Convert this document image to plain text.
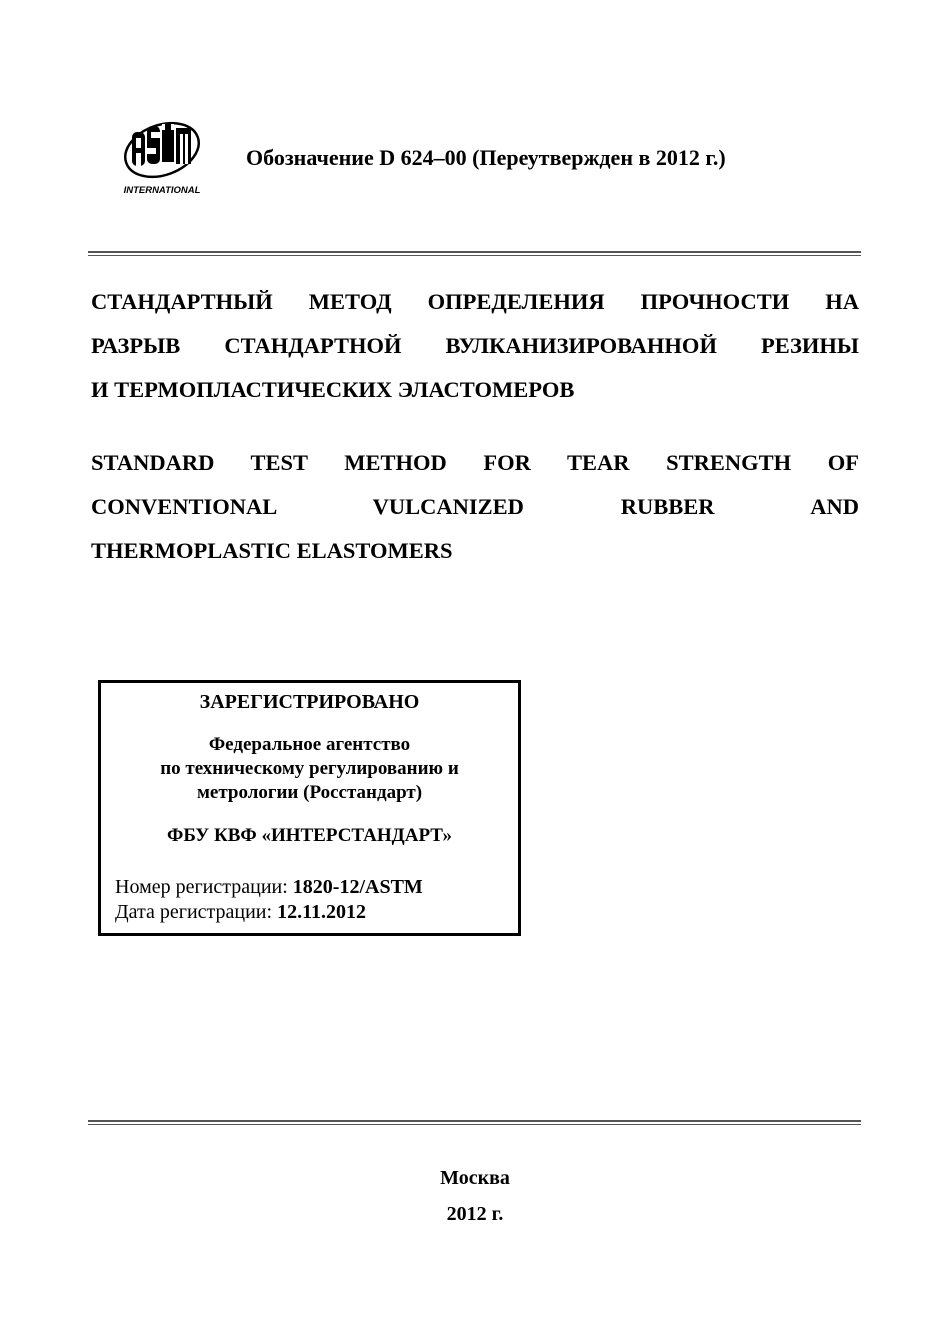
INTERNATIONAL
Обозначение D 624–00 (Переутвержден в 2012 г.)
СТАНДАРТНЫЙ МЕТОД ОПРЕДЕЛЕНИЯ ПРОЧНОСТИ НА
РАЗРЫВ СТАНДАРТНОЙ ВУЛКАНИЗИРОВАННОЙ РЕЗИНЫ
И ТЕРМОПЛАСТИЧЕСКИХ ЭЛАСТОМЕРОВ
STANDARD TEST METHOD FOR TEAR STRENGTH OF
CONVENTIONAL VULCANIZED RUBBER AND
THERMOPLASTIC ELASTOMERS
ЗАРЕГИСТРИРОВАНО
Федеральное агентство
по техническому регулированию и
метрологии (Росстандарт)
ФБУ КВФ «ИНТЕРСТАНДАРТ»
Номер регистрации: 1820-12/ASTM
Дата регистрации: 12.11.2012
Москва
2012 г.
